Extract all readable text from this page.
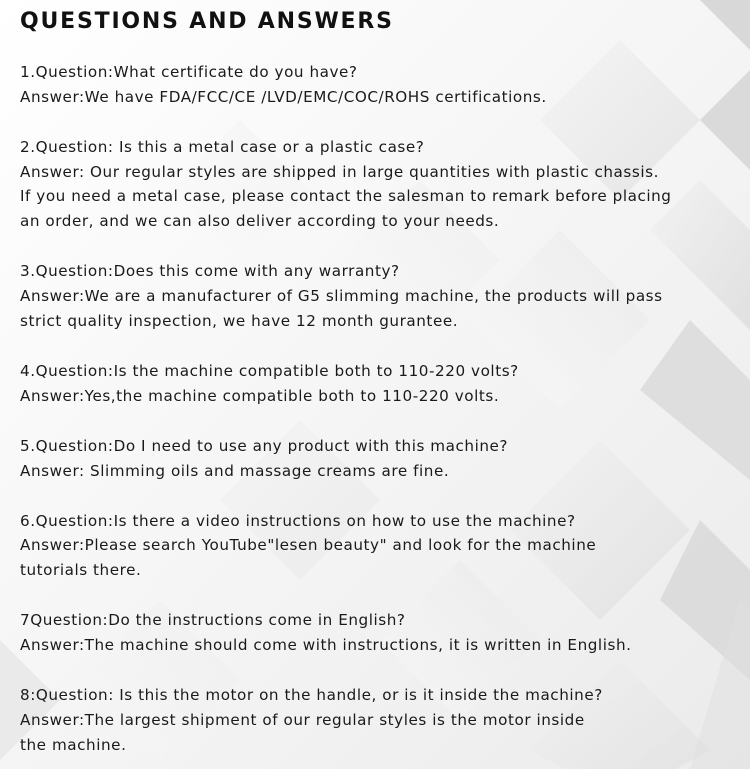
QUESTIONS AND ANSWERS
1.Question:What certificate do you have?
Answer:We have FDA/FCC/CE /LVD/EMC/COC/ROHS certifications.
2.Question: Is this a metal case or a plastic case?
Answer: Our regular styles are shipped in large quantities with plastic chassis.
If you need a metal case, please contact the salesman to remark before placing
an order, and we can also deliver according to your needs.
3.Question:Does this come with any warranty?
Answer:We are a manufacturer of G5 slimming machine, the products will pass
strict quality inspection, we have 12 month gurantee.
4.Question:Is the machine compatible both to 110-220 volts?
Answer:Yes,the machine compatible both to 110-220 volts.
5.Question:Do I need to use any product with this machine?
Answer: Slimming oils and massage creams are fine.
6.Question:Is there a video instructions on how to use the machine?
Answer:Please search YouTube"lesen beauty" and look for the machine
tutorials there.
7Question:Do the instructions come in English?
Answer:The machine should come with instructions, it is written in English.
8:Question: Is this the motor on the handle, or is it inside the machine?
Answer:The largest shipment of our regular styles is the motor inside
the machine.
